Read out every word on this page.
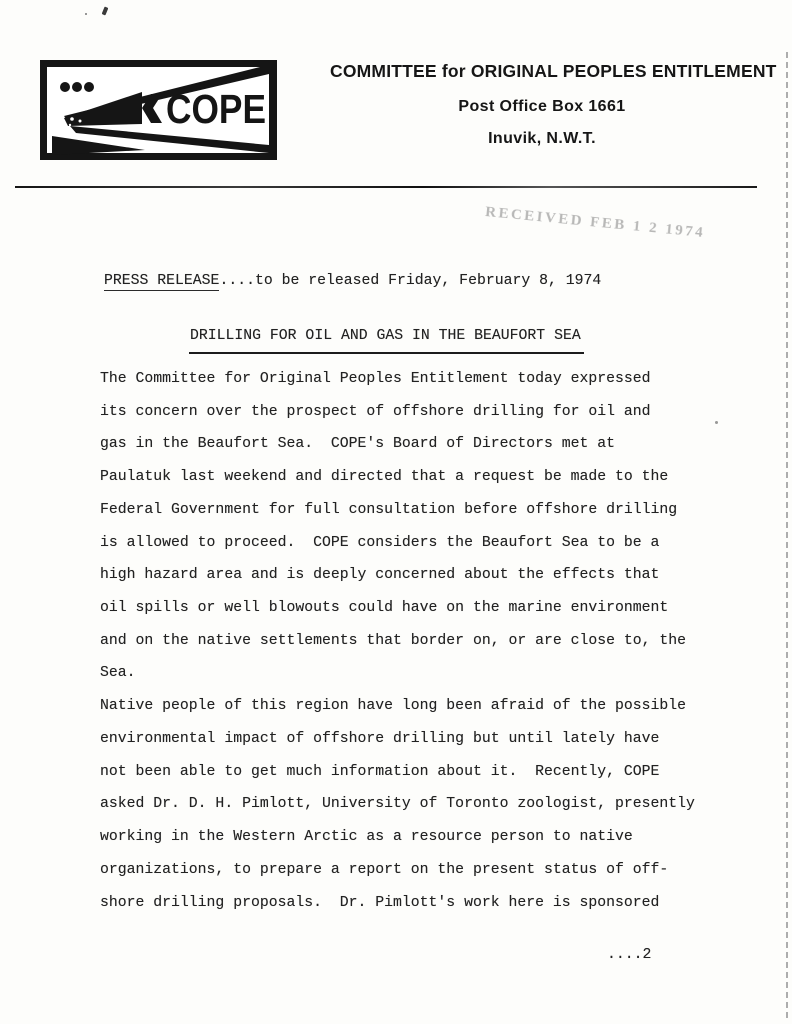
COPE
COMMITTEE for ORIGINAL PEOPLES ENTITLEMENT
Post Office Box 1661
Inuvik, N.W.T.
RECEIVED FEB 1 2 1974
PRESS RELEASE....to be released Friday, February 8, 1974
DRILLING FOR OIL AND GAS IN THE BEAUFORT SEA
The Committee for Original Peoples Entitlement today expressed
its concern over the prospect of offshore drilling for oil and
gas in the Beaufort Sea.  COPE's Board of Directors met at
Paulatuk last weekend and directed that a request be made to the
Federal Government for full consultation before offshore drilling
is allowed to proceed.  COPE considers the Beaufort Sea to be a
high hazard area and is deeply concerned about the effects that
oil spills or well blowouts could have on the marine environment
and on the native settlements that border on, or are close to, the
Sea.
Native people of this region have long been afraid of the possible
environmental impact of offshore drilling but until lately have
not been able to get much information about it.  Recently, COPE
asked Dr. D. H. Pimlott, University of Toronto zoologist, presently
working in the Western Arctic as a resource person to native
organizations, to prepare a report on the present status of off-
shore drilling proposals.  Dr. Pimlott's work here is sponsored
....2
